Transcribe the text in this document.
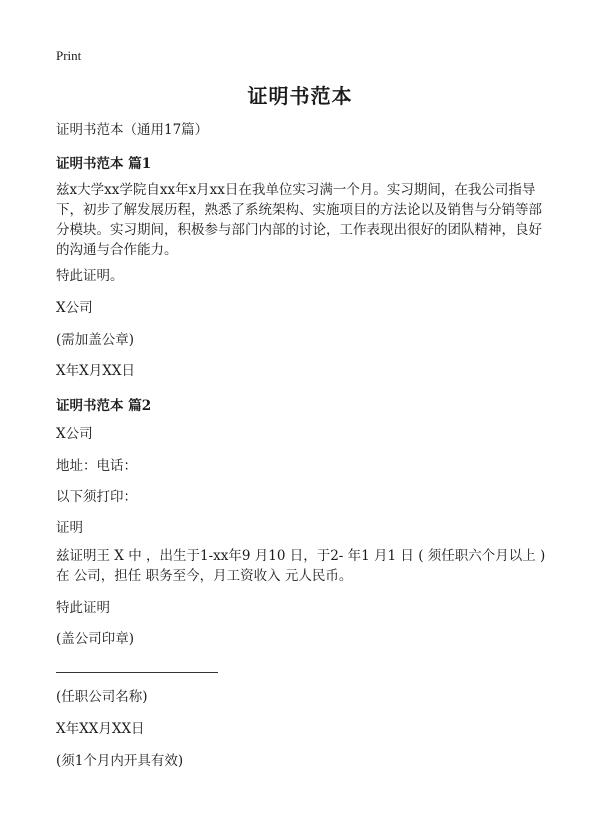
Print
证明书范本
证明书范本（通用17篇）
证明书范本 篇1
兹x大学xx学院自xx年x月xx日在我单位实习满一个月。实习期间，在我公司指导下，初步了解发展历程，熟悉了系统架构、实施项目的方法论以及销售与分销等部分模块。实习期间，积极参与部门内部的讨论，工作表现出很好的团队精神，良好的沟通与合作能力。
特此证明。
X公司
(需加盖公章)
X年X月XX日
证明书范本 篇2
X公司
地址：电话：
以下须打印：
证明
兹证明王 X 中 ，出生于1-xx年9 月10 日，于2- 年1 月1 日 ( 须任职六个月以上 ) 在 公司，担任 职务至今，月工资收入 元人民币。
特此证明
(盖公司印章)
(任职公司名称)
X年XX月XX日
(须1个月内开具有效)
